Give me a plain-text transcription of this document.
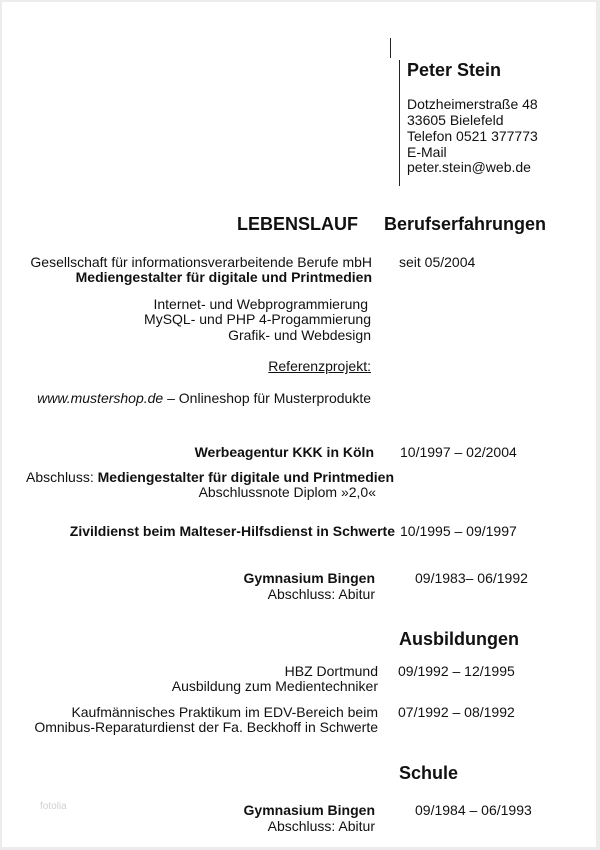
Peter Stein
Dotzheimerstraße 48
33605 Bielefeld
Telefon 0521 377773
E-Mail
peter.stein@web.de
LEBENSLAUF Berufserfahrungen
Gesellschaft für informationsverarbeitende Berufe mbH
Mediengestalter für digitale und Printmedien
seit 05/2004
Internet- und Webprogrammierung
MySQL- und PHP 4-Progammierung
Grafik- und Webdesign
Referenzprojekt:
www.mustershop.de – Onlineshop für Musterprodukte
Werbeagentur KKK in Köln 10/1997 – 02/2004
Abschluss: Mediengestalter für digitale und Printmedien
Abschlussnote Diplom »2,0«
Zivildienst beim Malteser-Hilfsdienst in Schwerte 10/1995 – 09/1997
Gymnasium Bingen
Abschluss: Abitur
09/1983– 06/1992
Ausbildungen
HBZ Dortmund
Ausbildung zum Medientechniker
09/1992 – 12/1995
Kaufmännisches Praktikum im EDV-Bereich beim
Omnibus-Reparaturdienst der Fa. Beckhoff in Schwerte
07/1992 – 08/1992
Schule
Gymnasium Bingen
Abschluss: Abitur
09/1984 – 06/1993
fotolia
